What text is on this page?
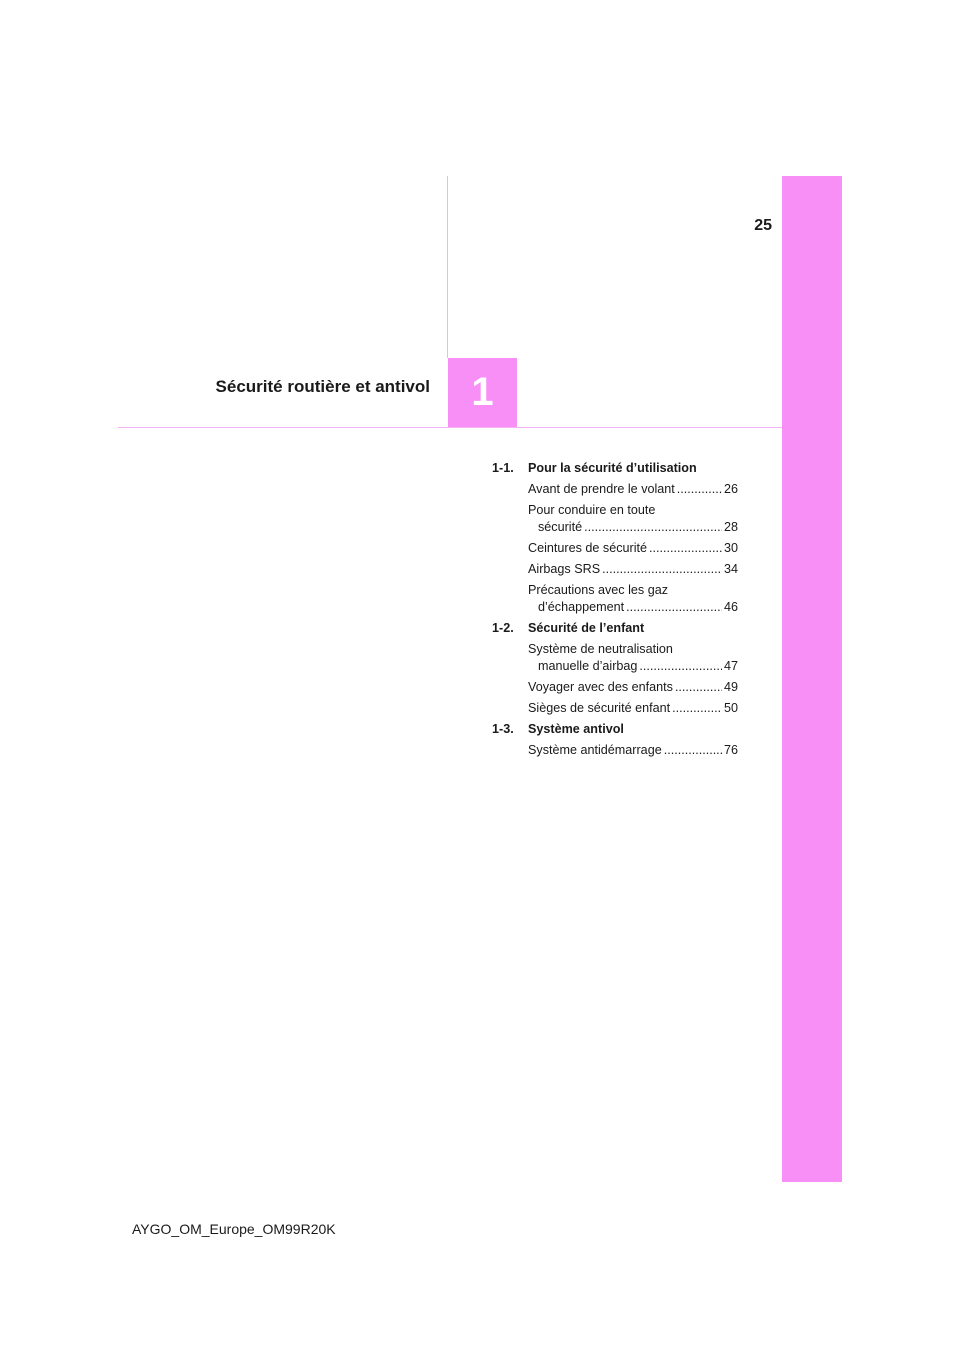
25
Sécurité routière et antivol 1
1-1.	Pour la sécurité d’utilisation
Avant de prendre le volant .....	26
Pour conduire en toute
sécurité .....	28
Ceintures de sécurité .....	30
Airbags SRS .....	34
Précautions avec les gaz
d’échappement .....	46
1-2.	Sécurité de l’enfant
Système de neutralisation
manuelle d’airbag .....	47
Voyager avec des enfants .....	49
Sièges de sécurité enfant .....	50
1-3.	Système antivol
Système antidémarrage .....	76
AYGO_OM_Europe_OM99R20K
